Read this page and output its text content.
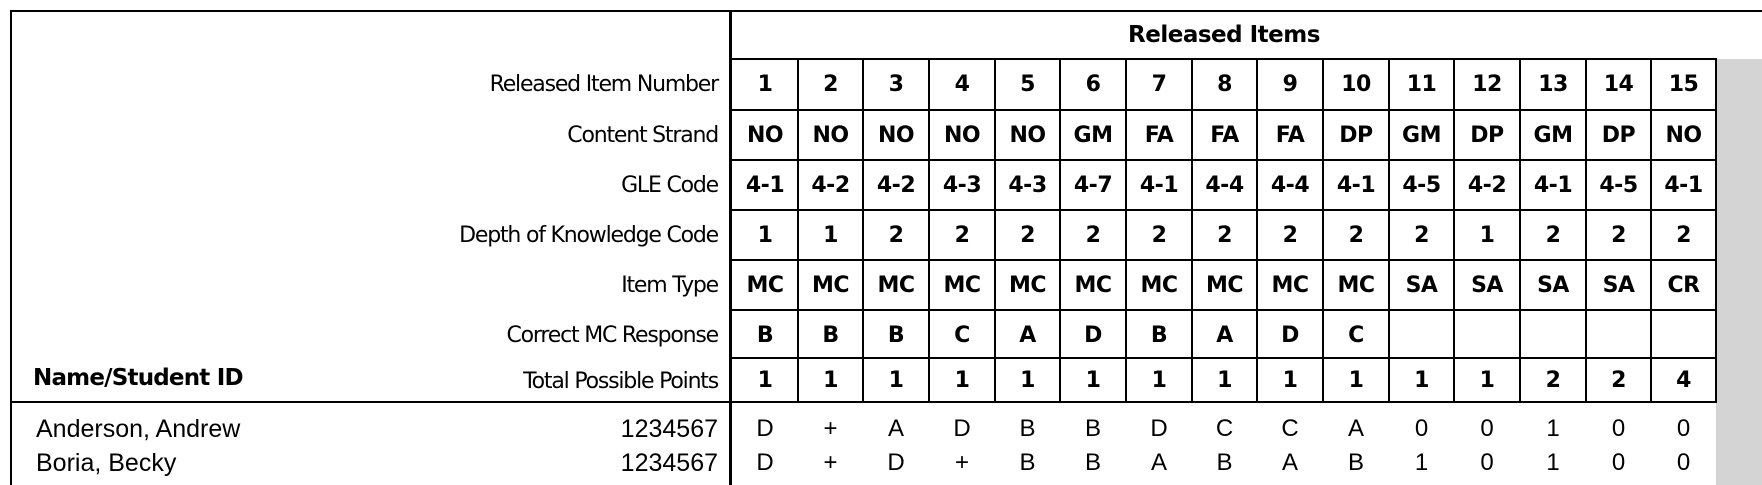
Released Items
Name/Student ID
Released Item Number	1	2	3	4	5	6	7	8	9	10	11	12	13	14	15
Content Strand	NO	NO	NO	NO	NO	GM	FA	FA	FA	DP	GM	DP	GM	DP	NO
GLE Code	4-1	4-2	4-2	4-3	4-3	4-7	4-1	4-4	4-4	4-1	4-5	4-2	4-1	4-5	4-1
Depth of Knowledge Code	1	1	2	2	2	2	2	2	2	2	2	1	2	2	2
Item Type	MC	MC	MC	MC	MC	MC	MC	MC	MC	MC	SA	SA	SA	SA	CR
Correct MC Response	B	B	B	C	A	D	B	A	D	C
Total Possible Points	1	1	1	1	1	1	1	1	1	1	1	1	2	2	4
Anderson, Andrew	1234567	D	+	A	D	B	B	D	C	C	A	0	0	1	0	0
Boria, Becky	1234567	D	+	D	+	B	B	A	B	A	B	1	0	1	0	0
